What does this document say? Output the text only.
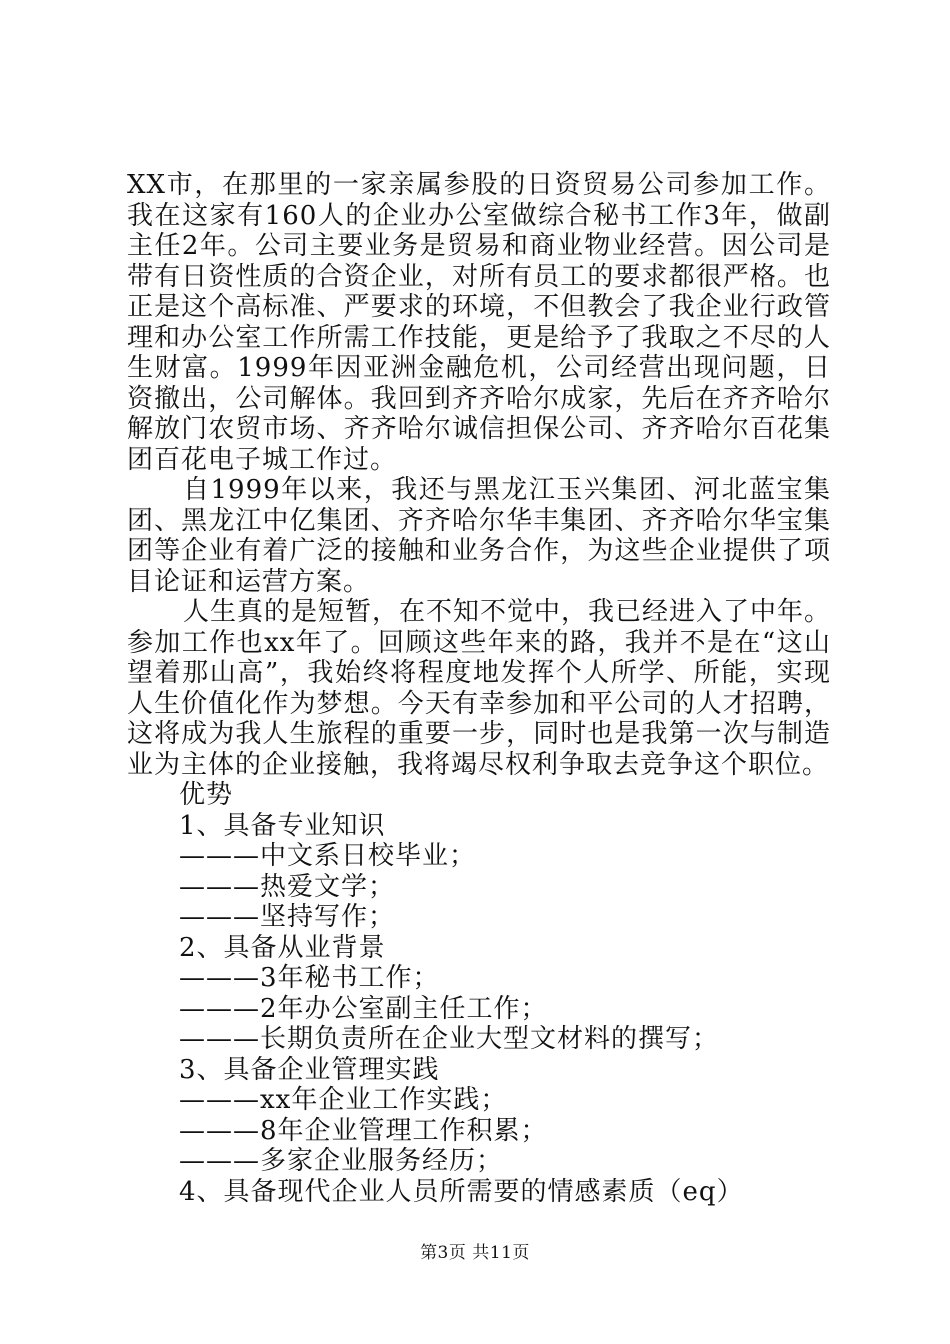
XX市，在那里的一家亲属参股的日资贸易公司参加工作。我在这家有160人的企业办公室做综合秘书工作3年，做副主任2年。公司主要业务是贸易和商业物业经营。因公司是带有日资性质的合资企业，对所有员工的要求都很严格。也正是这个高标准、严要求的环境，不但教会了我企业行政管理和办公室工作所需工作技能，更是给予了我取之不尽的人生财富。1999年因亚洲金融危机，公司经营出现问题，日资撤出，公司解体。我回到齐齐哈尔成家，先后在齐齐哈尔解放门农贸市场、齐齐哈尔诚信担保公司、齐齐哈尔百花集团百花电子城工作过。

自1999年以来，我还与黑龙江玉兴集团、河北蓝宝集团、黑龙江中亿集团、齐齐哈尔华丰集团、齐齐哈尔华宝集团等企业有着广泛的接触和业务合作，为这些企业提供了项目论证和运营方案。

人生真的是短暂，在不知不觉中，我已经进入了中年。参加工作也xx年了。回顾这些年来的路，我并不是在“这山望着那山高”，我始终将程度地发挥个人所学、所能，实现人生价值化作为梦想。今天有幸参加和平公司的人才招聘，这将成为我人生旅程的重要一步，同时也是我第一次与制造业为主体的企业接触，我将竭尽权利争取去竞争这个职位。

优势

1、具备专业知识

———中文系日校毕业；

———热爱文学；

———坚持写作；

2、具备从业背景

———3年秘书工作；

———2年办公室副主任工作；

———长期负责所在企业大型文材料的撰写；

3、具备企业管理实践

———xx年企业工作实践；

———8年企业管理工作积累；

———多家企业服务经历；

4、具备现代企业人员所需要的情感素质（eq）

第3页 共11页
